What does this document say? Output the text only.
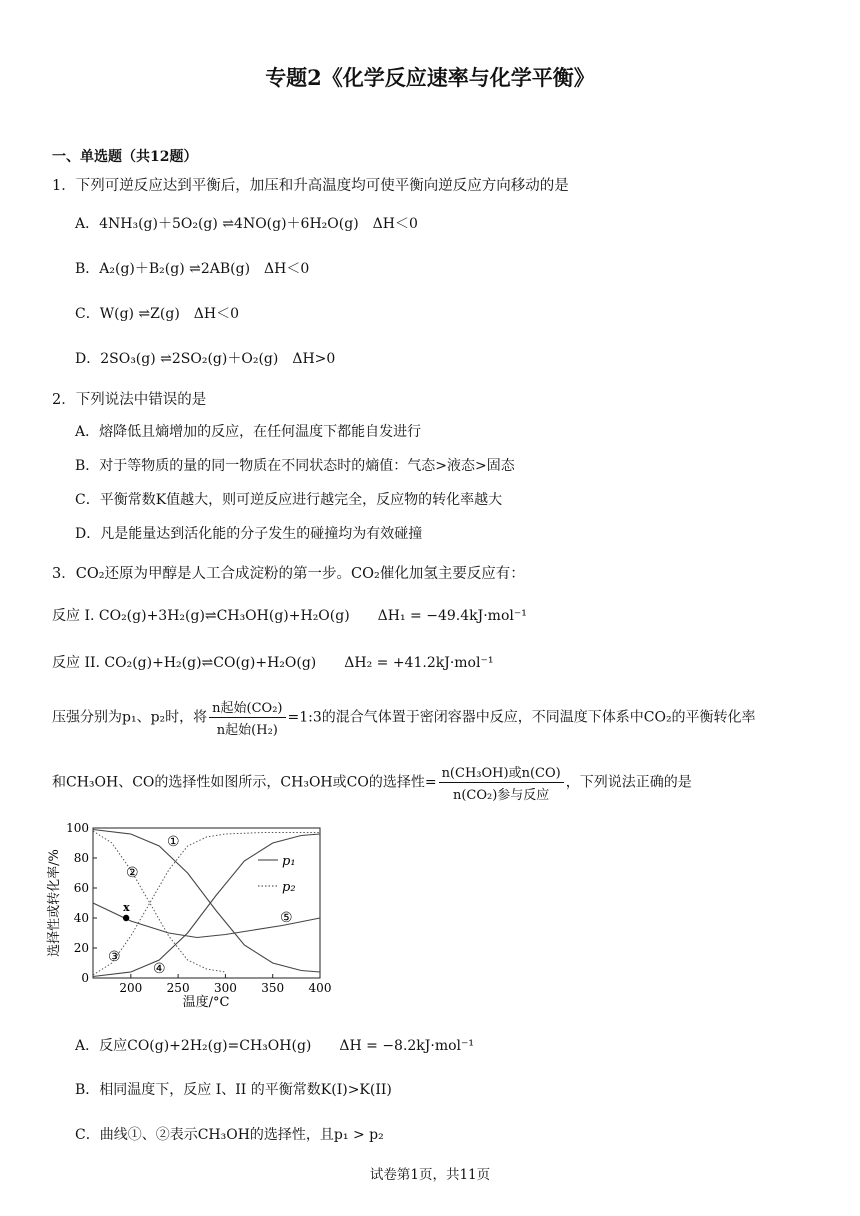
专题2《化学反应速率与化学平衡》
一、单选题（共12题）
1．下列可逆反应达到平衡后，加压和升高温度均可使平衡向逆反应方向移动的是
A．4NH₃(g)＋5O₂(g) ⇌4NO(g)＋6H₂O(g)　ΔH＜0
B．A₂(g)＋B₂(g) ⇌2AB(g)　ΔH＜0
C．W(g) ⇌Z(g)　ΔH＜0
D．2SO₃(g) ⇌2SO₂(g)＋O₂(g)　ΔH>0
2．下列说法中错误的是
A．熔降低且熵增加的反应，在任何温度下都能自发进行
B．对于等物质的量的同一物质在不同状态时的熵值：气态>液态>固态
C．平衡常数K值越大，则可逆反应进行越完全，反应物的转化率越大
D．凡是能量达到活化能的分子发生的碰撞均为有效碰撞
3．CO₂还原为甲醇是人工合成淀粉的第一步。CO₂催化加氢主要反应有：
反应 I. CO₂(g)+3H₂(g)⇌CH₃OH(g)+H₂O(g)　　ΔH₁ = −49.4kJ·mol⁻¹
反应 II. CO₂(g)+H₂(g)⇌CO(g)+H₂O(g)　　ΔH₂ = +41.2kJ·mol⁻¹
压强分别为p₁、p₂时，将 $\frac{\text{n起始(CO₂)}}{\text{n起始(H₂)}}$ =1:3的混合气体置于密闭容器中反应，不同温度下体系中CO₂的平衡转化率
和CH₃OH、CO的选择性如图所示，CH₃OH或CO的选择性= $\frac{\text{n(CH₃OH)或n(CO)}}{\text{n(CO₂)参与反应}}$ ，下列说法正确的是
0
20
40
60
80
100
200 250 300 350 400
x
p₁
p₂
①
②
③
④
⑤
温度/°C
选择性或转化率/%
A．反应CO(g)+2H₂(g)=CH₃OH(g)　　ΔH = −8.2kJ·mol⁻¹
B．相同温度下，反应 I、II 的平衡常数K(I)>K(II)
C．曲线①、②表示CH₃OH的选择性，且p₁ > p₂
试卷第1页，共11页
